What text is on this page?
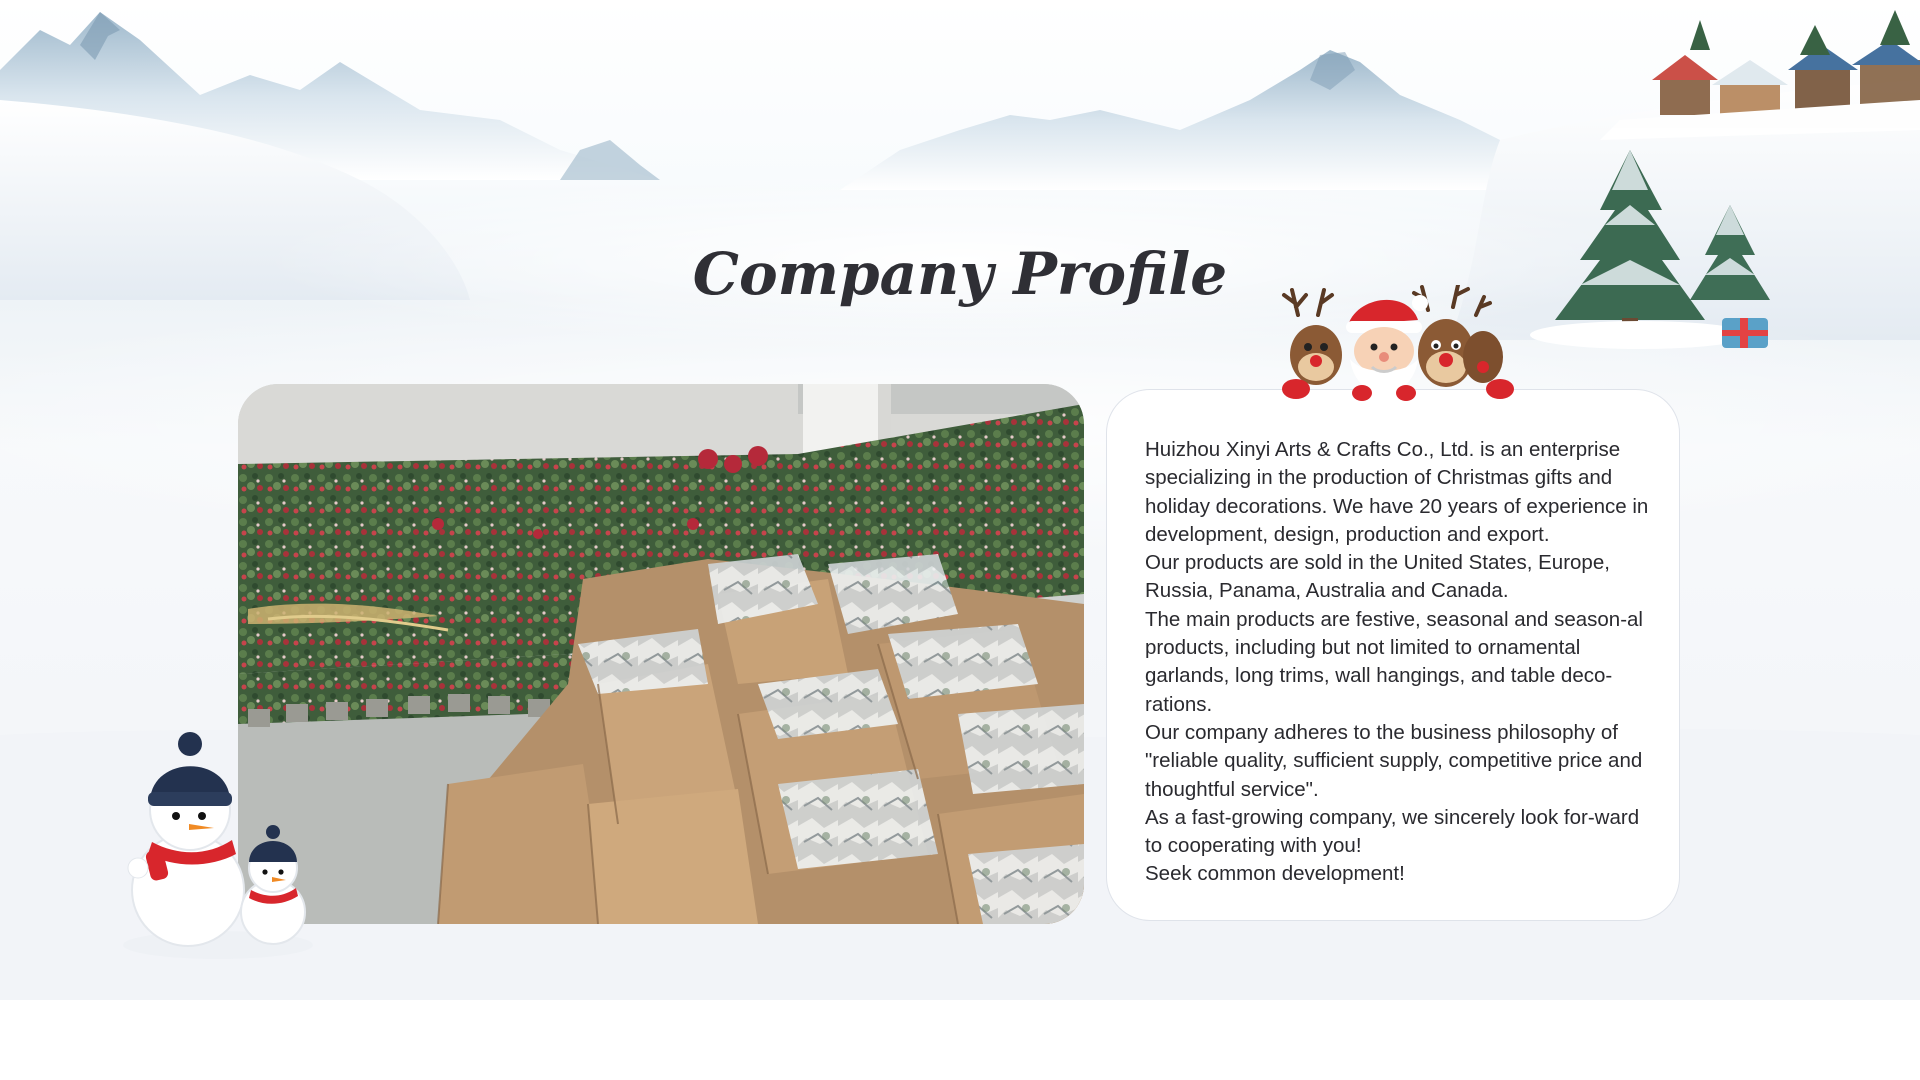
Company Profile

Huizhou Xinyi Arts & Crafts Co., Ltd. is an enterprise specializing in the production of Christmas gifts and holiday decorations. We have 20 years of experience in development, design, production and export.

Our products are sold in the United States, Europe, Russia, Panama, Australia and Canada.

The main products are festive, seasonal and season-al products, including but not limited to ornamental garlands, long trims, wall hangings, and table deco-rations.

Our company adheres to the business philosophy of "reliable quality, sufficient supply, competitive price and thoughtful service".

As a fast-growing company, we sincerely look for-ward to cooperating with you!

Seek common development!
